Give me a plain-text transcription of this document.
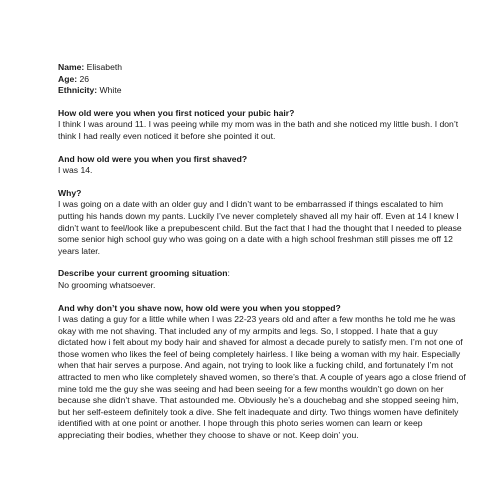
Name: Elisabeth

Age: 26

Ethnicity: White

How old were you when you first noticed your pubic hair?

I think I was around 11. I was peeing while my mom was in the bath and she noticed my little bush. I don’t think I had really even noticed it before she pointed it out.

And how old were you when you first shaved?

I was 14.

Why?

I was going on a date with an older guy and I didn’t want to be embarrassed if things escalated to him putting his hands down my pants. Luckily I’ve never completely shaved all my hair off. Even at 14 I knew I didn’t want to feel/look like a prepubescent child. But the fact that I had the thought that I needed to please some senior high school guy who was going on a date with a high school freshman still pisses me off 12 years later.

Describe your current grooming situation:

No grooming whatsoever.

And why don’t you shave now, how old were you when you stopped?

I was dating a guy for a little while when I was 22-23 years old and after a few months he told me he was okay with me not shaving. That included any of my armpits and legs. So, I stopped. I hate that a guy dictated how i felt about my body hair and shaved for almost a decade purely to satisfy men. I’m not one of those women who likes the feel of being completely hairless. I like being a woman with my hair. Especially when that hair serves a purpose. And again, not trying to look like a fucking child, and fortunately I’m not attracted to men who like completely shaved women, so there’s that. A couple of years ago a close friend of mine told me the guy she was seeing and had been seeing for a few months wouldn’t go down on her because she didn’t shave. That astounded me. Obviously he’s a douchebag and she stopped seeing him, but her self-esteem definitely took a dive. She felt inadequate and dirty. Two things women have definitely identified with at one point or another. I hope through this photo series women can learn or keep appreciating their bodies, whether they choose to shave or not. Keep doin’ you.
